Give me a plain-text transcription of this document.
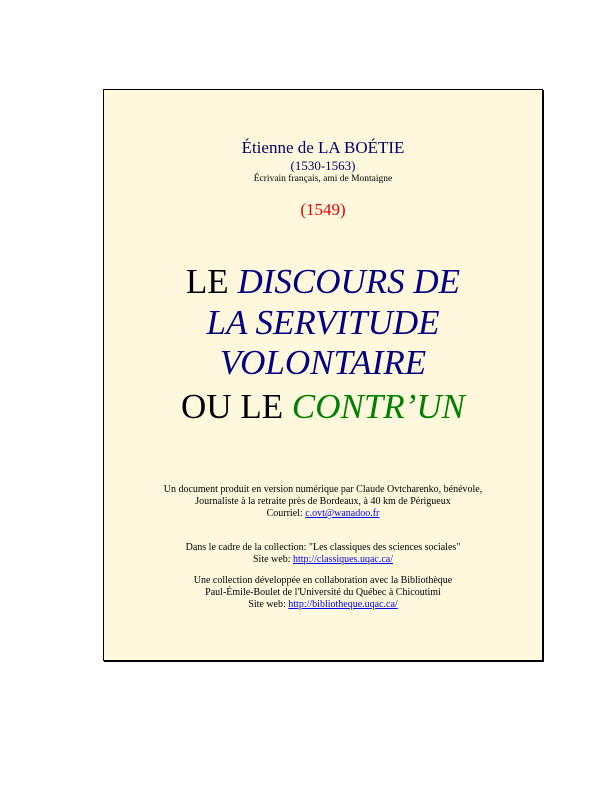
Étienne de LA BOÉTIE
(1530-1563)
Écrivain français, ami de Montaigne
(1549)
LE DISCOURS DE
LA SERVITUDE
VOLONTAIRE
OU LE CONTR’UN
Un document produit en version numérique par Claude Ovtcharenko, bénévole,
Journaliste à la retraite près de Bordeaux, à 40 km de Périgueux
Courriel: c.ovt@wanadoo.fr
Dans le cadre de la collection: "Les classiques des sciences sociales"
Site web: http://classiques.uqac.ca/
Une collection développée en collaboration avec la Bibliothèque
Paul-Émile-Boulet de l'Université du Québec à Chicoutimi
Site web: http://bibliotheque.uqac.ca/
